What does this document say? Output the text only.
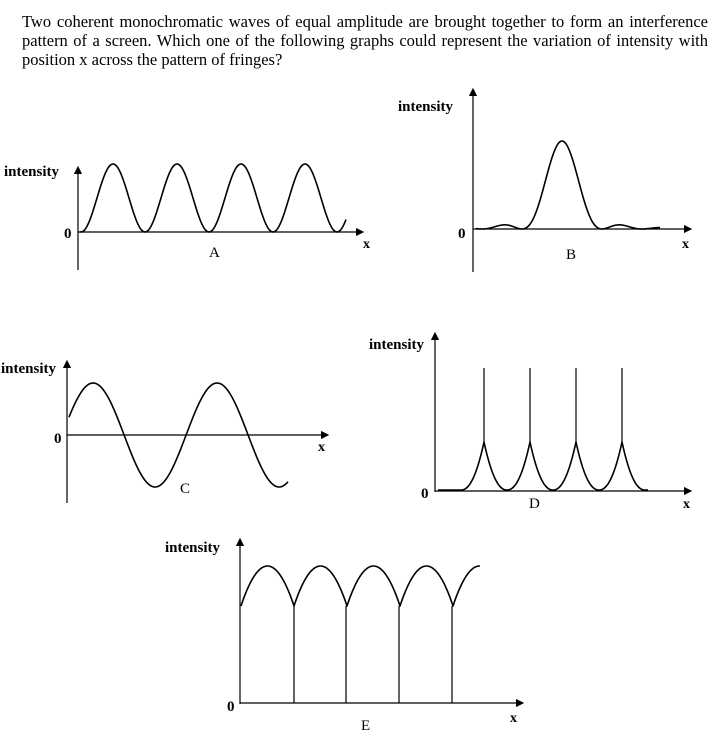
Two coherent monochromatic waves of equal amplitude are brought together to form an interference pattern of a screen. Which one of the following graphs could represent the variation of intensity with position x across the pattern of fringes?

intensity
0
x
A
intensity
0
x
B
intensity
0
x
C
intensity
0
x
D
intensity
0
x
E
